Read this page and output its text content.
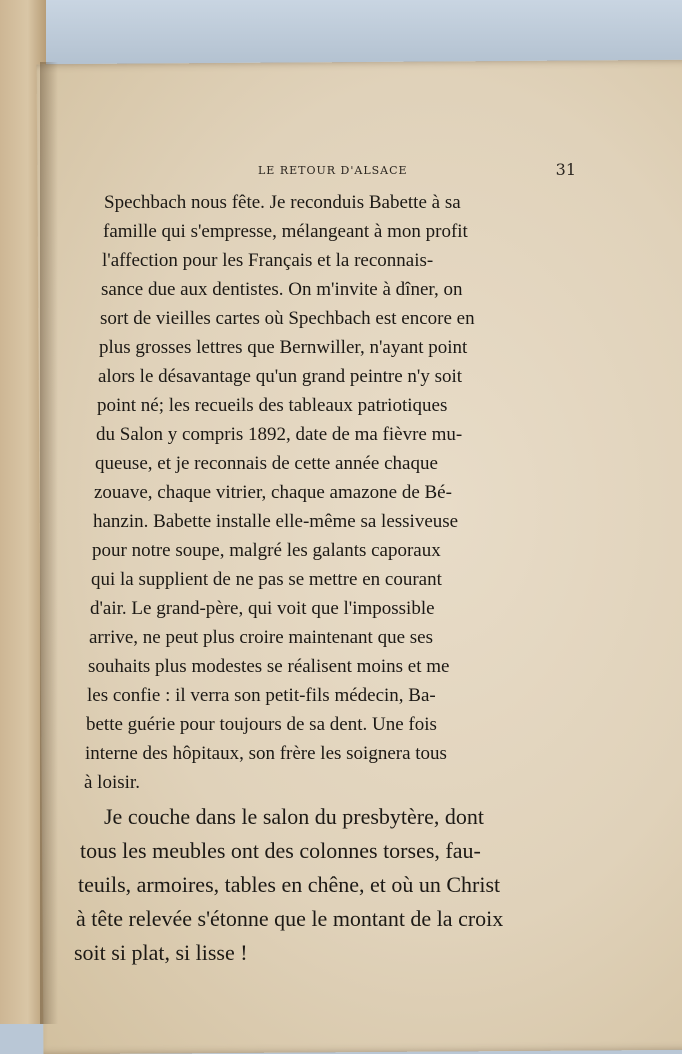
LE RETOUR D'ALSACE	31
Spechbach nous fête. Je reconduis Babette à sa
famille qui s'empresse, mélangeant à mon profit
l'affection pour les Français et la reconnais-
sance due aux dentistes. On m'invite à dîner, on
sort de vieilles cartes où Spechbach est encore en
plus grosses lettres que Bernwiller, n'ayant point
alors le désavantage qu'un grand peintre n'y soit
point né; les recueils des tableaux patriotiques
du Salon y compris 1892, date de ma fièvre mu-
queuse, et je reconnais de cette année chaque
zouave, chaque vitrier, chaque amazone de Bé-
hanzin. Babette installe elle-même sa lessiveuse
pour notre soupe, malgré les galants caporaux
qui la supplient de ne pas se mettre en courant
d'air. Le grand-père, qui voit que l'impossible
arrive, ne peut plus croire maintenant que ses
souhaits plus modestes se réalisent moins et me
les confie : il verra son petit-fils médecin, Ba-
bette guérie pour toujours de sa dent. Une fois
interne des hôpitaux, son frère les soignera tous
à loisir.
Je couche dans le salon du presbytère, dont
tous les meubles ont des colonnes torses, fau-
teuils, armoires, tables en chêne, et où un Christ
à tête relevée s'étonne que le montant de la croix
soit si plat, si lisse !
